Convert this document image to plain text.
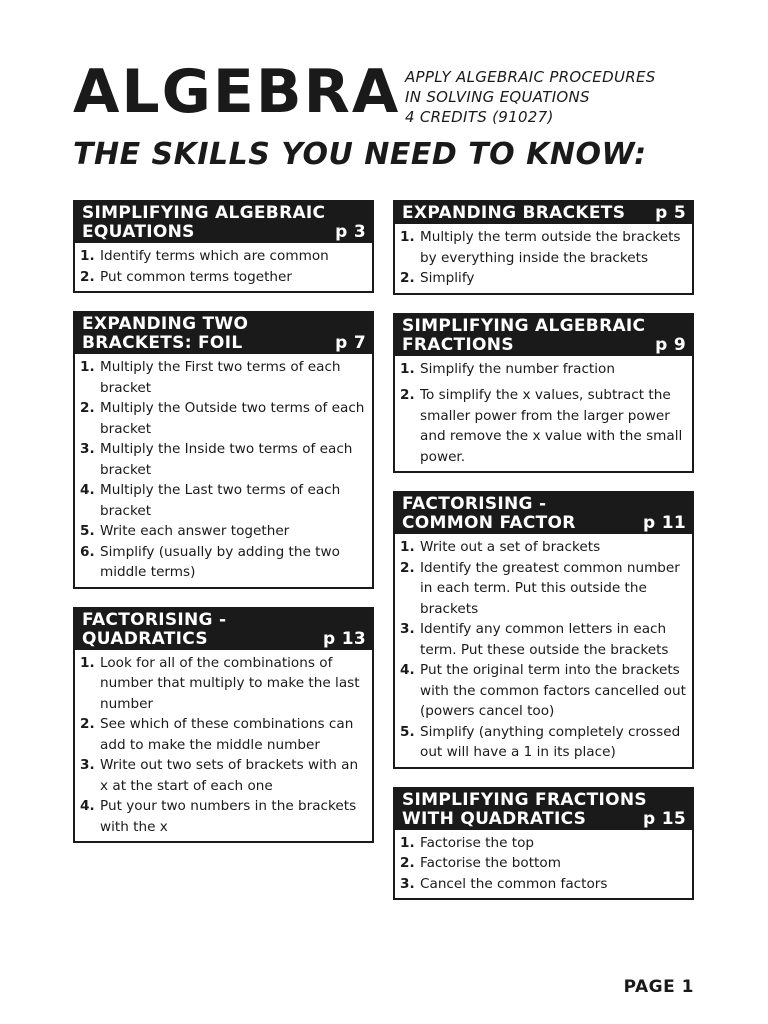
ALGEBRA APPLY ALGEBRAIC PROCEDURES
IN SOLVING EQUATIONS
4 CREDITS (91027)
THE SKILLS YOU NEED TO KNOW:
SIMPLIFYING ALGEBRAIC
EQUATIONS	p 3
1. Identify terms which are common
2. Put common terms together
EXPANDING TWO
BRACKETS: FOIL	p 7
1. Multiply the First two terms of each bracket
2. Multiply the Outside two terms of each bracket
3. Multiply the Inside two terms of each bracket
4. Multiply the Last two terms of each bracket
5. Write each answer together
6. Simplify (usually by adding the two middle terms)
FACTORISING -
QUADRATICS	p 13
1. Look for all of the combinations of number that multiply to make the last number
2. See which of these combinations can add to make the middle number
3. Write out two sets of brackets with an x at the start of each one
4. Put your two numbers in the brackets with the x
EXPANDING BRACKETS p 5
1. Multiply the term outside the brackets by everything inside the brackets
2. Simplify
SIMPLIFYING ALGEBRAIC
FRACTIONS	p 9
1. Simplify the number fraction
2. To simplify the x values, subtract the smaller power from the larger power and remove the x value with the small power.
FACTORISING -
COMMON FACTOR	p 11
1. Write out a set of brackets
2. Identify the greatest common number in each term. Put this outside the brackets
3. Identify any common letters in each term. Put these outside the brackets
4. Put the original term into the brackets with the common factors cancelled out (powers cancel too)
5. Simplify (anything completely crossed out will have a 1 in its place)
SIMPLIFYING FRACTIONS
WITH QUADRATICS	p 15
1. Factorise the top
2. Factorise the bottom
3. Cancel the common factors
PAGE 1
